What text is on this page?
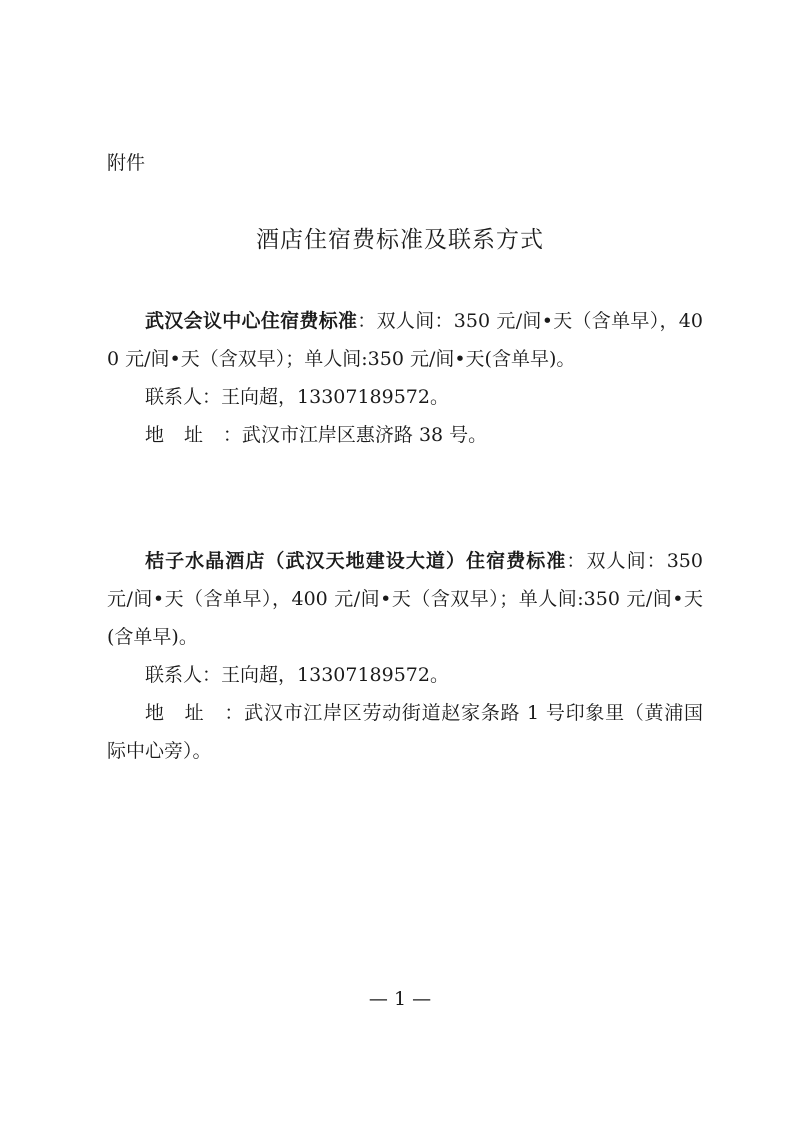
附件
酒店住宿费标准及联系方式

武汉会议中心住宿费标准：双人间：350 元/间•天（含单早），400 元/间•天（含双早）；单人间:350 元/间•天(含单早)。

联系人：王向超，13307189572。

地址：武汉市江岸区惠济路 38 号。

桔子水晶酒店（武汉天地建设大道）住宿费标准：双人间：350 元/间•天（含单早），400 元/间•天（含双早）；单人间:350 元/间•天(含单早)。

联系人：王向超，13307189572。

地址：武汉市江岸区劳动街道赵家条路 1 号印象里（黄浦国际中心旁）。

— 1 —
